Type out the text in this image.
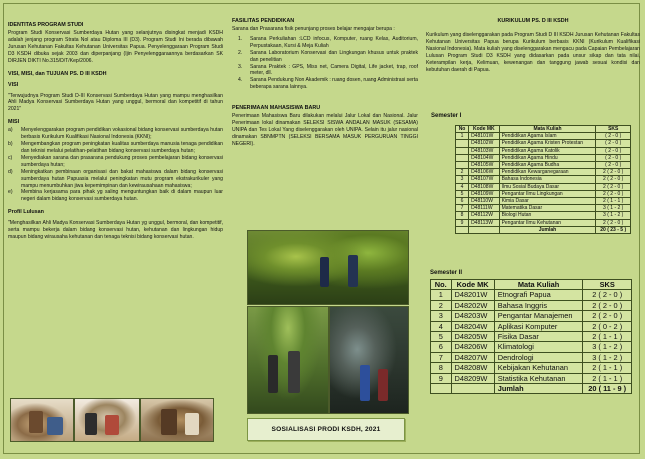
IDENTITAS PROGRAM STUDI

Program Studi Konservasi Sumberdaya Hutan yang selanjutnya disingkat menjadi KSDH adalah jenjang program Strata Nol atau Diploma III (D3). Program Studi Ini berada dibawah Jurusan Kehutanan Fakultas Kehutanan Universitas Papua. Penyelenggaraan Program Studi D3 KSDH dibuka sejak 2003 dan diperpanjang (Ijin Penyelenggaraannya berdasarkan SK DIRJEN DIKTI No.315/D/T/Kep/2006.

VISI, MISI, dan TUJUAN PS. D III KSDH
VISI

"Terwujudnya Program Studi D-III Konservasi Sumberdaya Hutan yang mampu menghasilkan Ahli Madya Konservasi Sumberdaya Hutan yang unggul, bermoral dan kompetitif di tahun 2021"

MISI
a)	Menyelenggarakan program pendidikan vokasional bidang konservasi sumberdaya hutan berbasis Kurikulum Kualifikasi Nasional Indonesia (KKNI);
b)	Mengembangkan program peningkatan kualitas sumberdaya manusia tenaga pendidikan dan teknisi melalui pelatihan-pelatihan bidang konservasi sumberdaya hutan;
c)	Menyediakan sarana dan prasarana pendukung proses pembelajaran bidang konservasi sumberdaya hutan;
d)	Meningkatkan pembinaan organisasi dan bakat mahasiswa dalam bidang konservasi sumberdaya hutan Papuasia melalui peningkatan mutu program ekstrakurikuler yang mampu menumbuhkan jiwa kepemimpinan dan kewirausahaan mahasiswa;
e)	Membina kerjasama para pihak yg saling menguntungkan baik di dalam maupun luar negeri dalam bidang konservasi sumberdaya hutan.
Profil Lulusan

"Menghasilkan Ahli Madya Konservasi Sumberdaya Hutan yg unggul, bermoral, dan kompetitif, serta mampu bekerja dalam bidang konservasi hutan, kehutanan dan lingkungan hidup maupun bidang wirausaha kehutanan dan tenaga teknisi bidang konservasi hutan.

FASILITAS PENDIDIKAN

Sarana dan Prasarana fisik penunjang proses belajar mengajar berupa :

1.	Sarana Perkuliahan :LCD infocus, Komputer, ruang Kelas, Auditorium, Perpustakaan, Kursi & Meja Kuliah
2.	Sarana Laboratorium Konservasi dan Lingkungan khusus untuk praktek dan penelitian
3.	Sarana Praktek : GPS, Miss net, Camera Digital, Life jacket, trap, roof meter, dll.
4.	Sarana Pendukung Non Akademik : ruang dosen, ruang Administrasi serta beberapa sarana lainnya.
PENERIMAAN MAHASISWA BARU

Penerimaan Mahasiswa Baru dilakukan melalui Jalur Lokal dan Nasional. Jalur Penerimaan lokal dinamakan SELEKSI SISWA ANDALAN MASUK (SESAMA) UNIPA dan Tes Lokal Yang diselenggarakan oleh UNIPA. Selain itu jalur nasional dinamakan SBNMPTN (SELEKSI BERSAMA MASUK PERGURUAN TINGGI NEGERI).

SOSIALISASI PRODI KSDH, 2021
KURIKULUM PS. D III KSDH

Kurikulum yang diselenggarakan pada Program Studi D III KSDH Jurusan Kehutanan Fakultas Kehutanan Universitas Papua berupa Kurikulum berbasis KKNI (Kurikulum Kualifikasi Nasional Indonesia). Mata kuliah yang diselenggarakan mengacu pada Capaian Pembelajaran Lulusan Program Studi D3 KSDH yang didasarkan pada unsur sikap dan tata nilai, Keterampilan kerja, Kelimuan, kewenangan dan tanggung jawab sesuai kondisi dan kebutuhan daerah di Papua.

Semester I
No	Kode MK	Mata Kuliah	SKS
1	D48101W	Pendidikan Agama Islam	( 2 - 0 )
	D48102W	Pendidikan Agama Kristen Protestan	( 2 - 0 )
	D48103W	Pendidikan Agama Katolik	( 2 - 0 )
	D48104W	Pendidikan Agama Hindu	( 2 - 0 )
	D48105W	Pendidikan Agama Budha	( 2 - 0 )
2	D48106W	Pendidikan Kewarganegaraan	2 ( 2 - 0 )
3	D48107W	Bahasa Indonesia	2 ( 2 - 0 )
4	D48108W	Ilmu Sosial Budaya Dasar	2 ( 2 - 0 )
5	D48109W	Pengantar Ilmu Lingkungan	2 ( 2 - 0 )
6	D48110W	Kimia Dasar	2 ( 1 - 1 )
7	D48111W	Matematika Dasar	3 ( 1 - 2 )
8	D48112W	Biologi Hutan	3 ( 1 - 2 )
9	D48113W	Pengantar Ilmu Kehutanan	2 ( 2 - 0 )
		Jumlah	20 ( 23 - 5 )
Semester II
No.	Kode MK	Mata Kuliah	SKS
1	D48201W	Etnografi Papua	2 ( 2 - 0 )
2	D48202W	Bahasa Inggris	2 ( 2 - 0 )
3	D48203W	Pengantar Manajemen	2 ( 2 - 0 )
4	D48204W	Aplikasi Komputer	2 ( 0 - 2 )
5	D48205W	Fisika Dasar	2 ( 1 - 1 )
6	D48206W	Klimatologi	3 ( 1 - 2 )
7	D48207W	Dendrologi	3 ( 1 - 2 )
8	D48208W	Kebijakan Kehutanan	2 ( 1 - 1 )
9	D48209W	Statistika Kehutanan	2 ( 1 - 1 )
		Jumlah	20 ( 11 - 9 )
